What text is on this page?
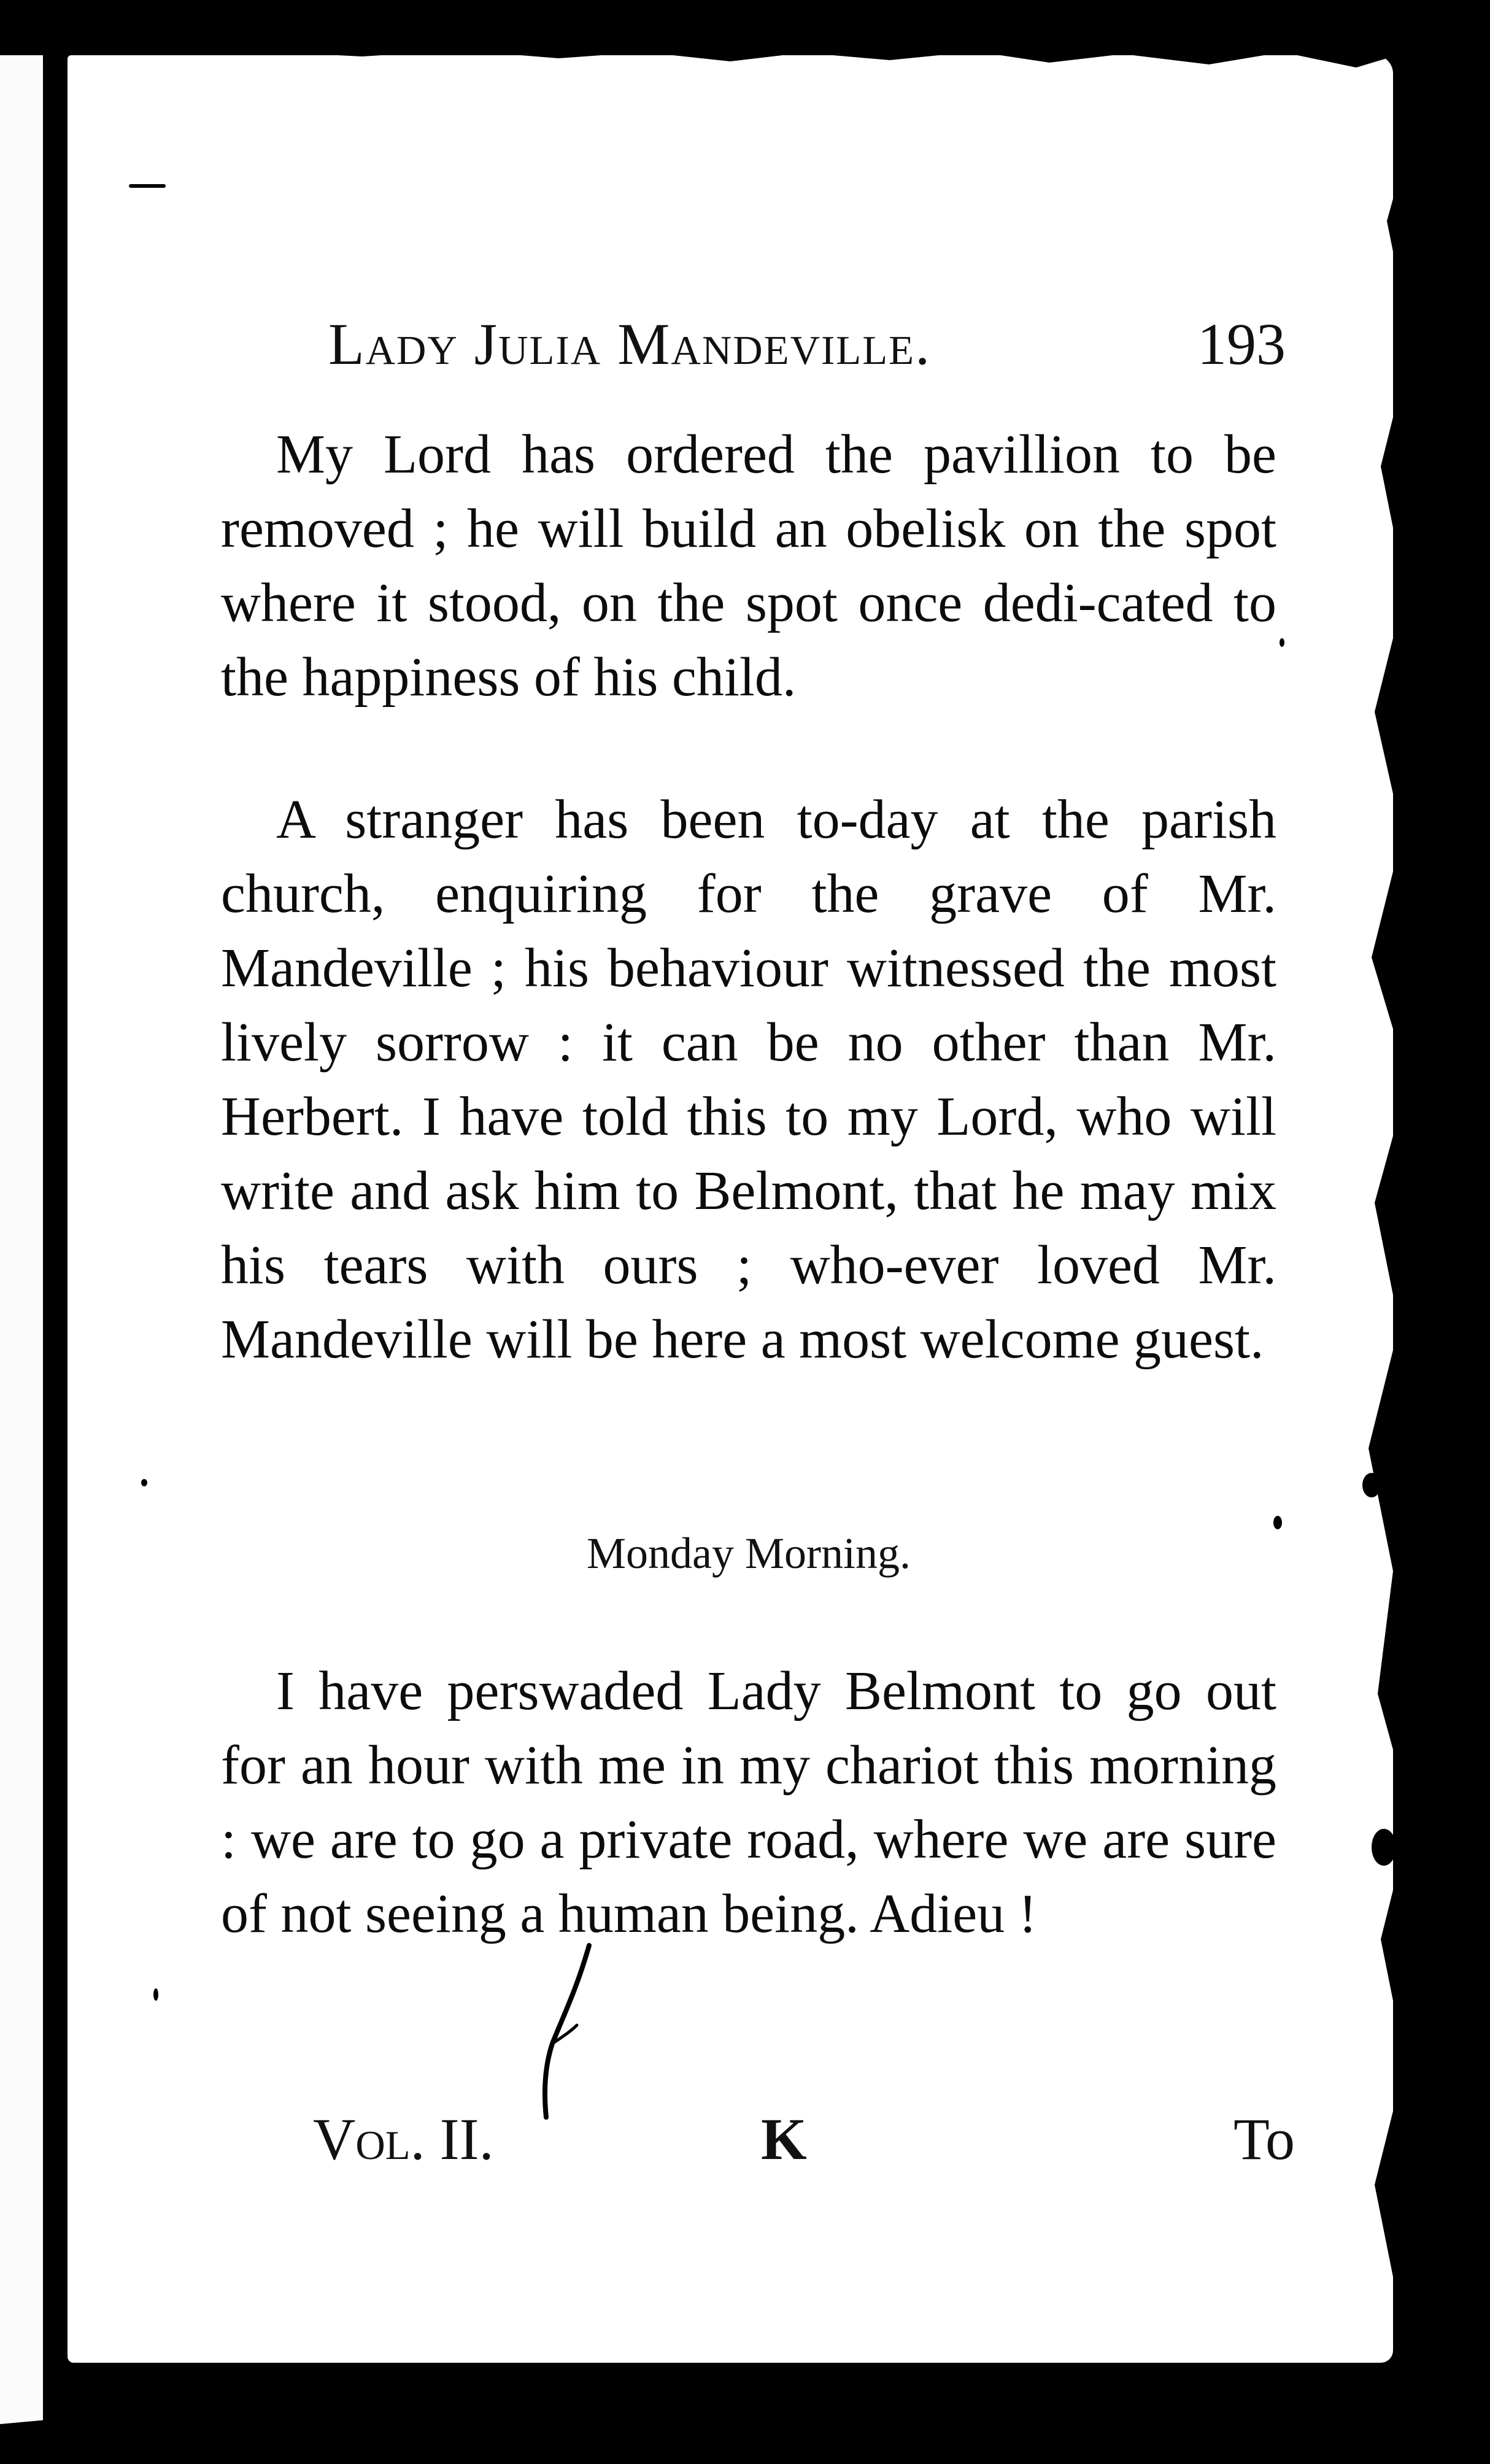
Lady Julia Mandeville.	193

My Lord has ordered the pavillion to be removed ; he will build an obelisk on the spot where it stood, on the spot once dedi-cated to the happiness of his child.

A stranger has been to-day at the parish church, enquiring for the grave of Mr. Mandeville ; his behaviour witnessed the most lively sorrow : it can be no other than Mr. Herbert. I have told this to my Lord, who will write and ask him to Belmont, that he may mix his tears with ours ; who-ever loved Mr. Mandeville will be here a most welcome guest.

Monday Morning.

I have perswaded Lady Belmont to go out for an hour with me in my chariot this morning : we are to go a private road, where we are sure of not seeing a human being. Adieu !

Vol. II.	K	To
